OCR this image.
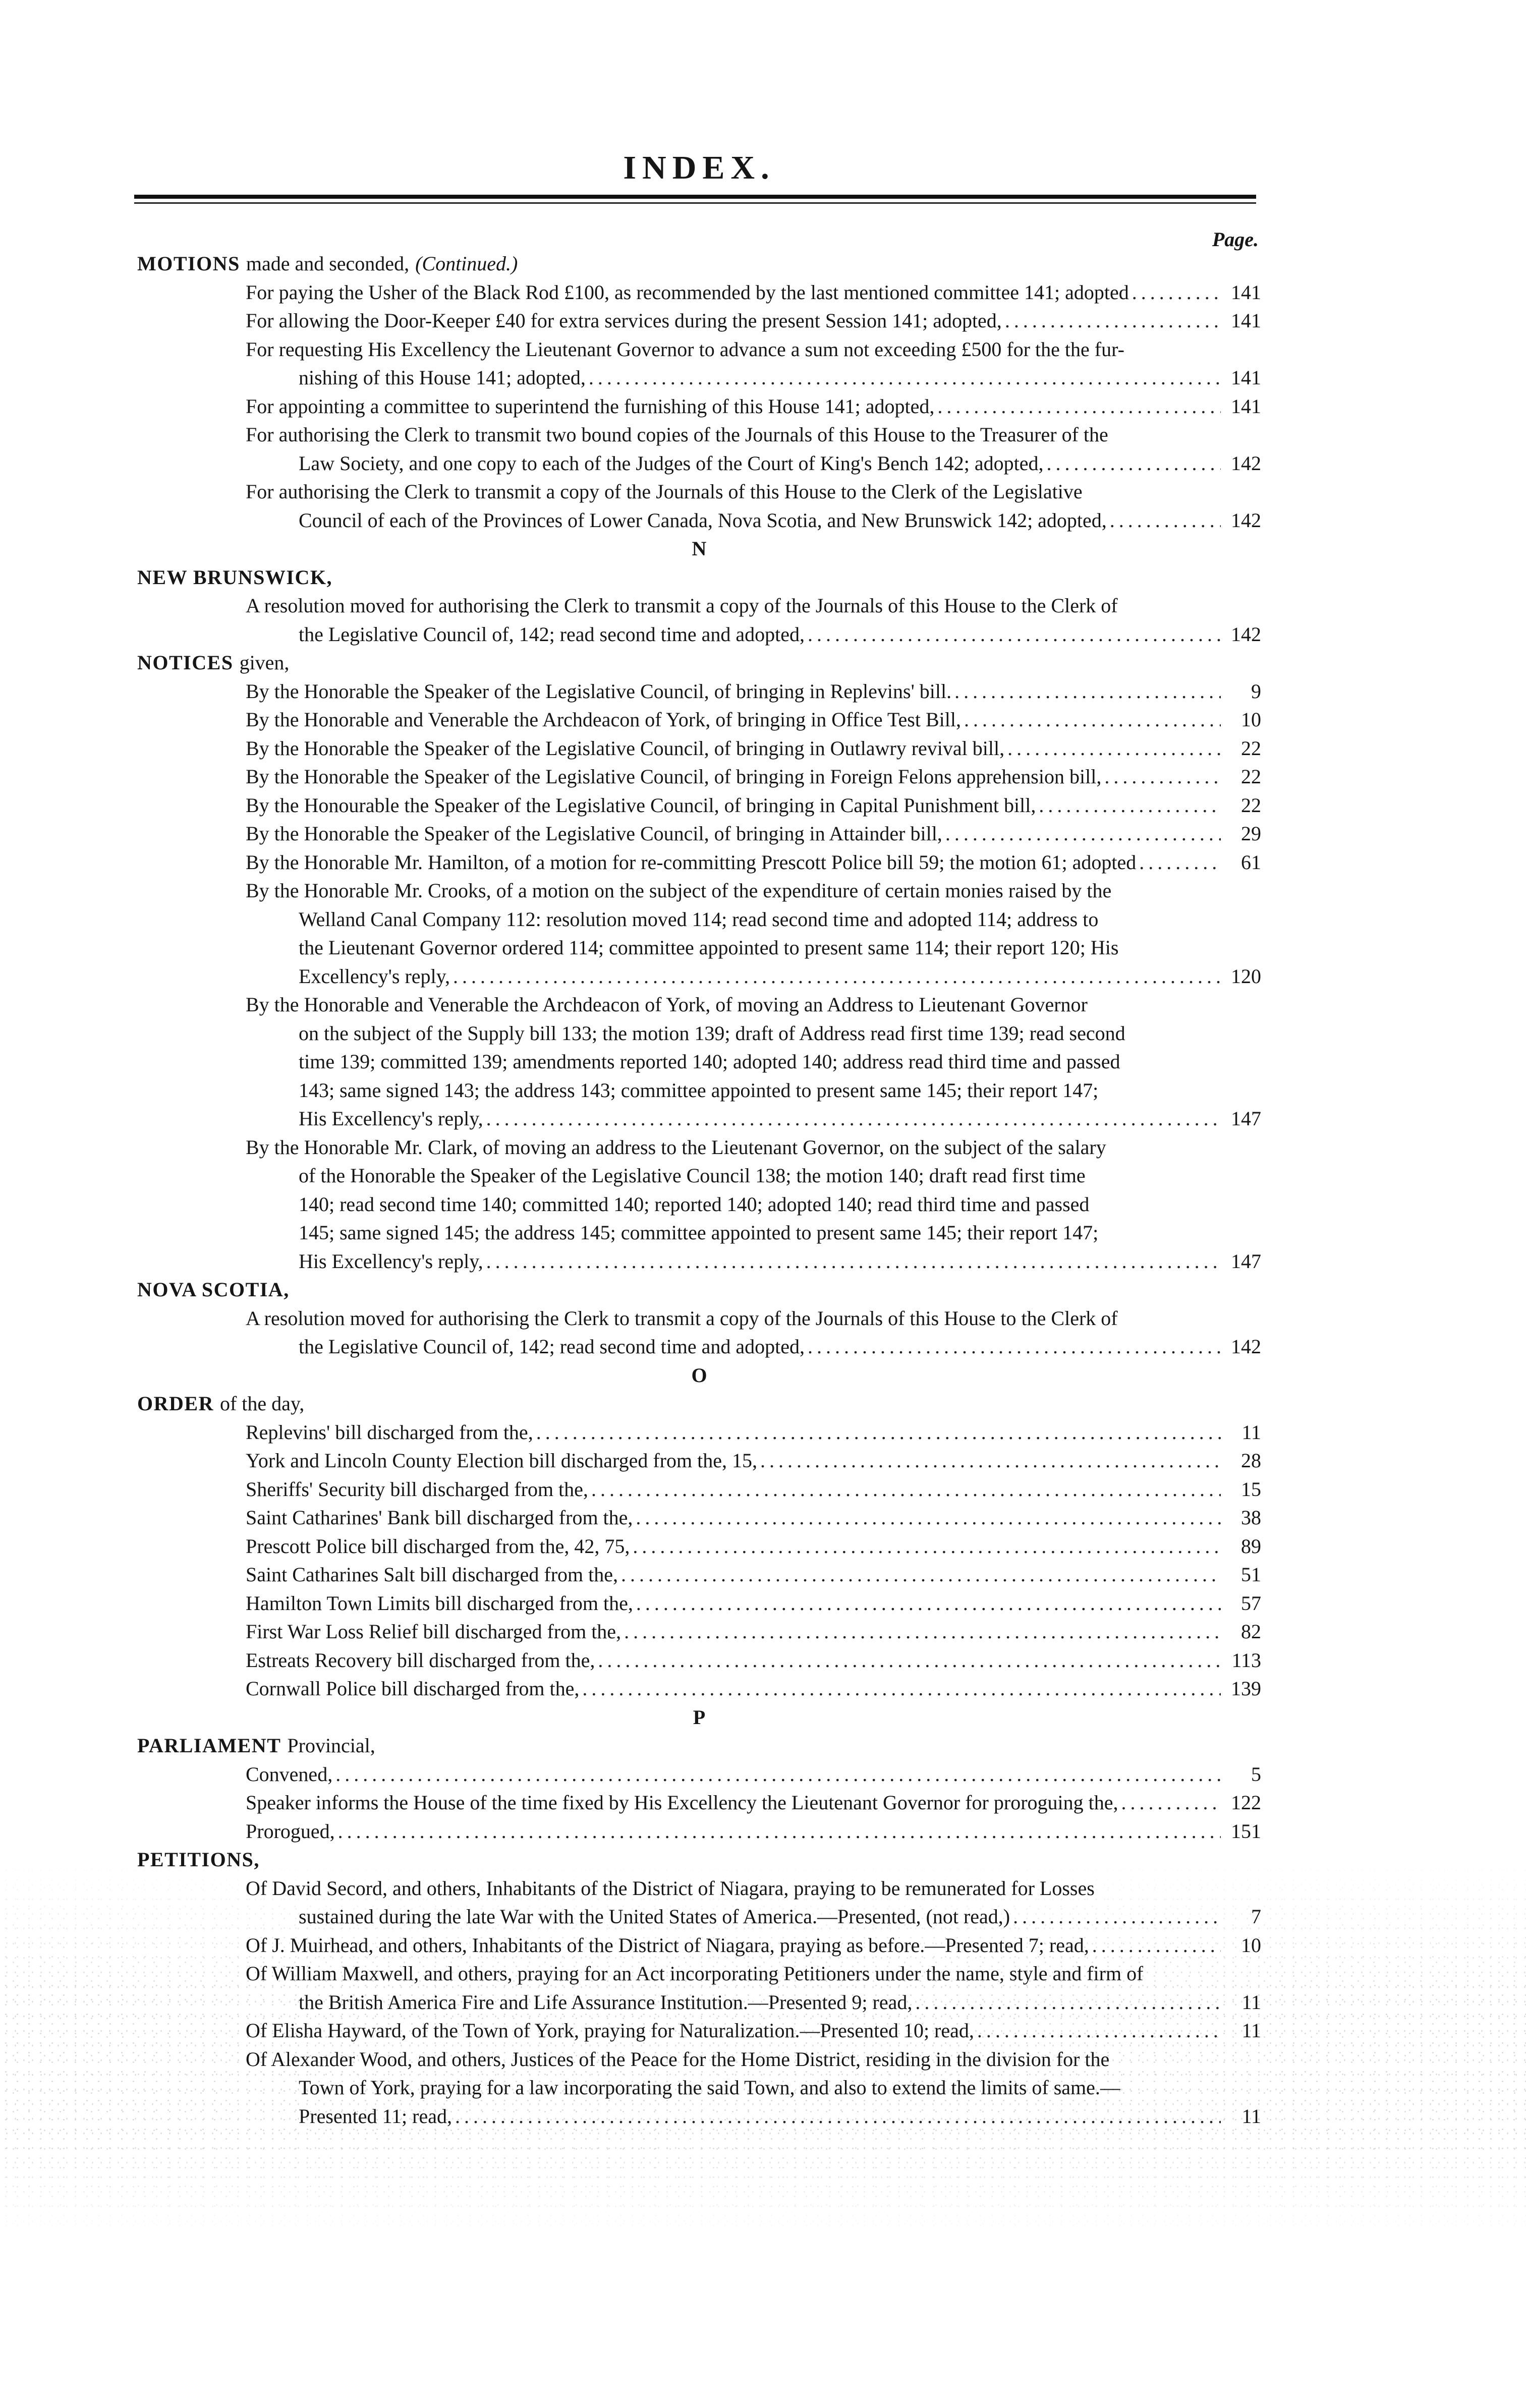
INDEX.
Page.
MOTIONS made and seconded, (Continued.)
For paying the Usher of the Black Rod £100, as recommended by the last mentioned committee 141; adopted .....	141
For allowing the Door-Keeper £40 for extra services during the present Session 141; adopted, .....	141
For requesting His Excellency the Lieutenant Governor to advance a sum not exceeding £500 for the the fur-
nishing of this House 141; adopted, .....	141
For appointing a committee to superintend the furnishing of this House 141; adopted, .....	141
For authorising the Clerk to transmit two bound copies of the Journals of this House to the Treasurer of the
Law Society, and one copy to each of the Judges of the Court of King's Bench 142; adopted, .....	142
For authorising the Clerk to transmit a copy of the Journals of this House to the Clerk of the Legislative
Council of each of the Provinces of Lower Canada, Nova Scotia, and New Brunswick 142; adopted, .....	142
N
NEW BRUNSWICK,
A resolution moved for authorising the Clerk to transmit a copy of the Journals of this House to the Clerk of
the Legislative Council of, 142; read second time and adopted, .....	142
NOTICES given,
By the Honorable the Speaker of the Legislative Council, of bringing in Replevins' bill. .....	9
By the Honorable and Venerable the Archdeacon of York, of bringing in Office Test Bill, .....	10
By the Honorable the Speaker of the Legislative Council, of bringing in Outlawry revival bill, .....	22
By the Honorable the Speaker of the Legislative Council, of bringing in Foreign Felons apprehension bill, .....	22
By the Honourable the Speaker of the Legislative Council, of bringing in Capital Punishment bill, .....	22
By the Honorable the Speaker of the Legislative Council, of bringing in Attainder bill, .....	29
By the Honorable Mr. Hamilton, of a motion for re-committing Prescott Police bill 59; the motion 61; adopted .....	61
By the Honorable Mr. Crooks, of a motion on the subject of the expenditure of certain monies raised by the
Welland Canal Company 112: resolution moved 114; read second time and adopted 114; address to
the Lieutenant Governor ordered 114; committee appointed to present same 114; their report 120; His
Excellency's reply, .....	120
By the Honorable and Venerable the Archdeacon of York, of moving an Address to Lieutenant Governor
on the subject of the Supply bill 133; the motion 139; draft of Address read first time 139; read second
time 139; committed 139; amendments reported 140; adopted 140; address read third time and passed
143; same signed 143; the address 143; committee appointed to present same 145; their report 147;
His Excellency's reply, .....	147
By the Honorable Mr. Clark, of moving an address to the Lieutenant Governor, on the subject of the salary
of the Honorable the Speaker of the Legislative Council 138; the motion 140; draft read first time
140; read second time 140; committed 140; reported 140; adopted 140; read third time and passed
145; same signed 145; the address 145; committee appointed to present same 145; their report 147;
His Excellency's reply, .....	147
NOVA SCOTIA,
A resolution moved for authorising the Clerk to transmit a copy of the Journals of this House to the Clerk of
the Legislative Council of, 142; read second time and adopted, .....	142
O
ORDER of the day,
Replevins' bill discharged from the, .....	11
York and Lincoln County Election bill discharged from the, 15, .....	28
Sheriffs' Security bill discharged from the, .....	15
Saint Catharines' Bank bill discharged from the, .....	38
Prescott Police bill discharged from the, 42, 75, .....	89
Saint Catharines Salt bill discharged from the, .....	51
Hamilton Town Limits bill discharged from the, .....	57
First War Loss Relief bill discharged from the, .....	82
Estreats Recovery bill discharged from the, .....	113
Cornwall Police bill discharged from the, .....	139
P
PARLIAMENT Provincial,
Convened, .....	5
Speaker informs the House of the time fixed by His Excellency the Lieutenant Governor for proroguing the, .....	122
Prorogued, .....	151
PETITIONS,
Of David Secord, and others, Inhabitants of the District of Niagara, praying to be remunerated for Losses
sustained during the late War with the United States of America.—Presented, (not read,) .....	7
Of J. Muirhead, and others, Inhabitants of the District of Niagara, praying as before.—Presented 7; read, .....	10
Of William Maxwell, and others, praying for an Act incorporating Petitioners under the name, style and firm of
the British America Fire and Life Assurance Institution.—Presented 9; read, .....	11
Of Elisha Hayward, of the Town of York, praying for Naturalization.—Presented 10; read, .....	11
Of Alexander Wood, and others, Justices of the Peace for the Home District, residing in the division for the
Town of York, praying for a law incorporating the said Town, and also to extend the limits of same.—
Presented 11; read, .....	11
